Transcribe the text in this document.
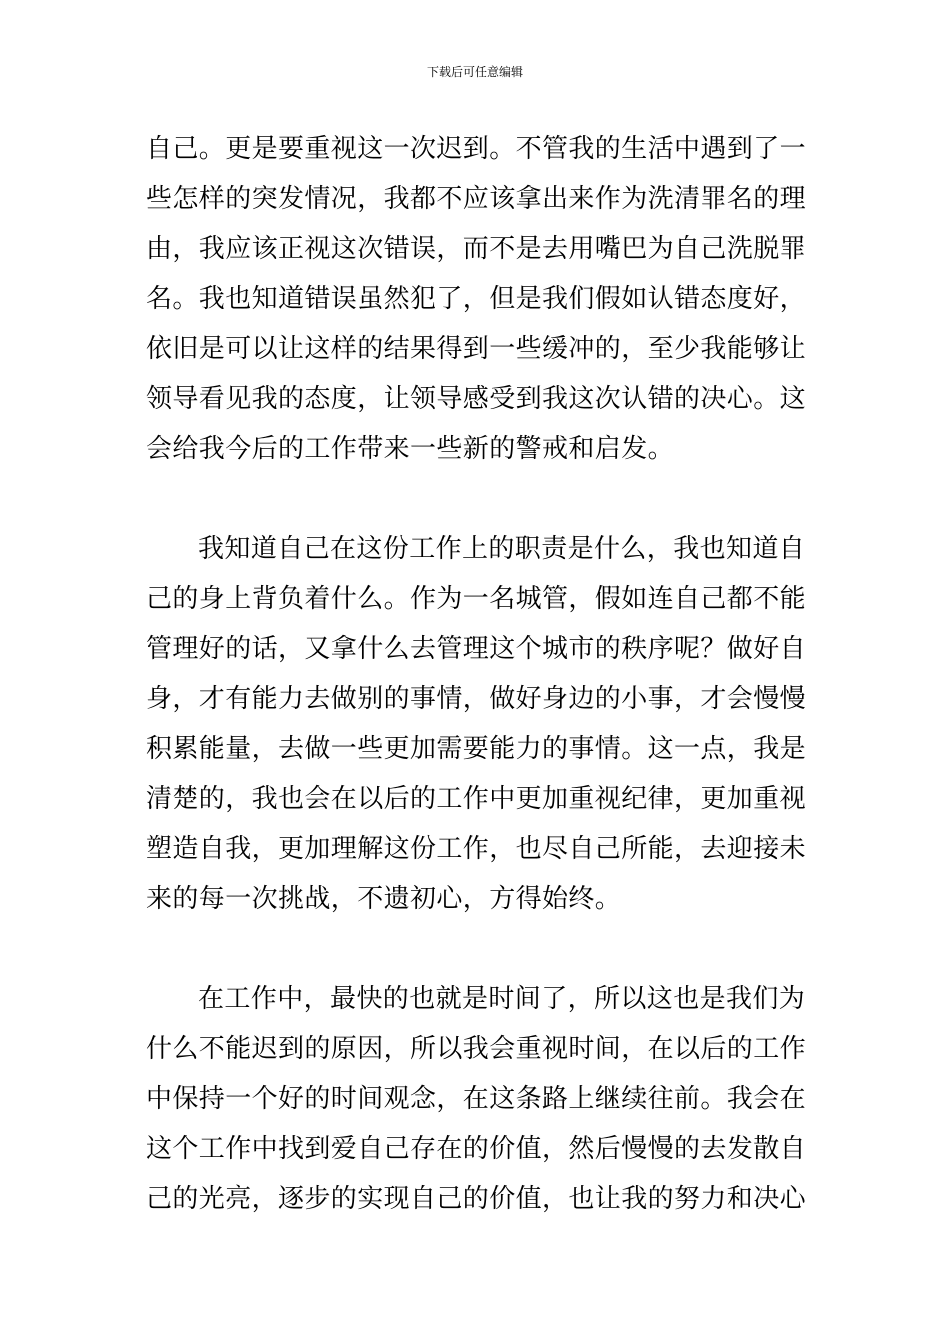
下载后可任意编辑
自己。更是要重视这一次迟到。不管我的生活中遇到了一
些怎样的突发情况，我都不应该拿出来作为洗清罪名的理
由，我应该正视这次错误，而不是去用嘴巴为自己洗脱罪
名。我也知道错误虽然犯了，但是我们假如认错态度好，
依旧是可以让这样的结果得到一些缓冲的，至少我能够让
领导看见我的态度，让领导感受到我这次认错的决心。这
会给我今后的工作带来一些新的警戒和启发。
我知道自己在这份工作上的职责是什么，我也知道自
己的身上背负着什么。作为一名城管，假如连自己都不能
管理好的话，又拿什么去管理这个城市的秩序呢？做好自
身，才有能力去做别的事情，做好身边的小事，才会慢慢
积累能量，去做一些更加需要能力的事情。这一点，我是
清楚的，我也会在以后的工作中更加重视纪律，更加重视
塑造自我，更加理解这份工作，也尽自己所能，去迎接未
来的每一次挑战，不遗初心，方得始终。
在工作中，最快的也就是时间了，所以这也是我们为
什么不能迟到的原因，所以我会重视时间，在以后的工作
中保持一个好的时间观念，在这条路上继续往前。我会在
这个工作中找到爱自己存在的价值，然后慢慢的去发散自
己的光亮，逐步的实现自己的价值，也让我的努力和决心
